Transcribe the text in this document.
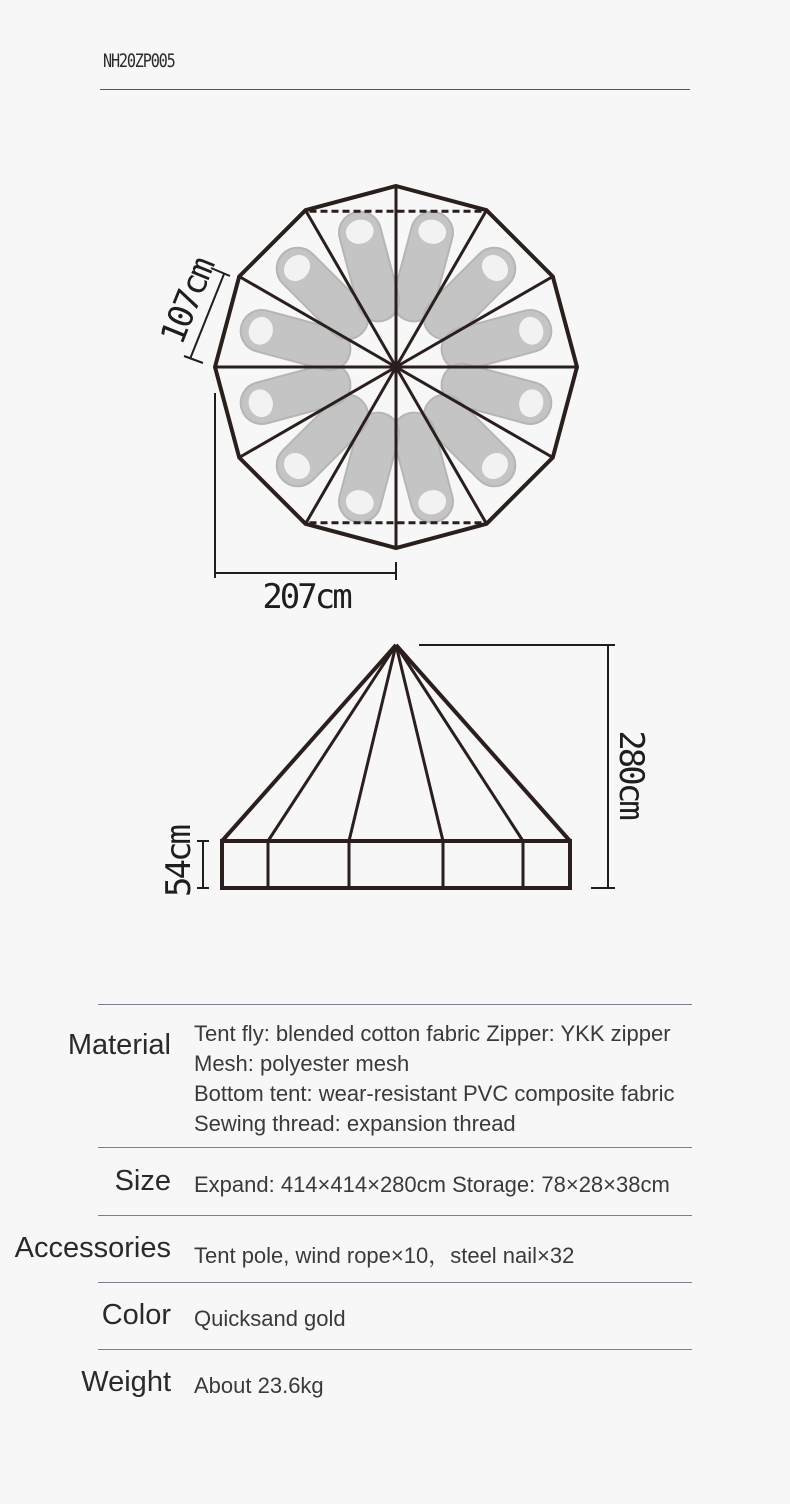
NH20ZP005
107cm
207cm
280cm
54cm
Material Tent fly: blended cotton fabric Zipper: YKK zipper
Mesh: polyester mesh
Bottom tent: wear-resistant PVC composite fabric
Sewing thread: expansion thread
Size Expand: 414×414×280cm Storage: 78×28×38cm
Accessories Tent pole, wind rope×10，steel nail×32
Color Quicksand gold
Weight About 23.6kg
